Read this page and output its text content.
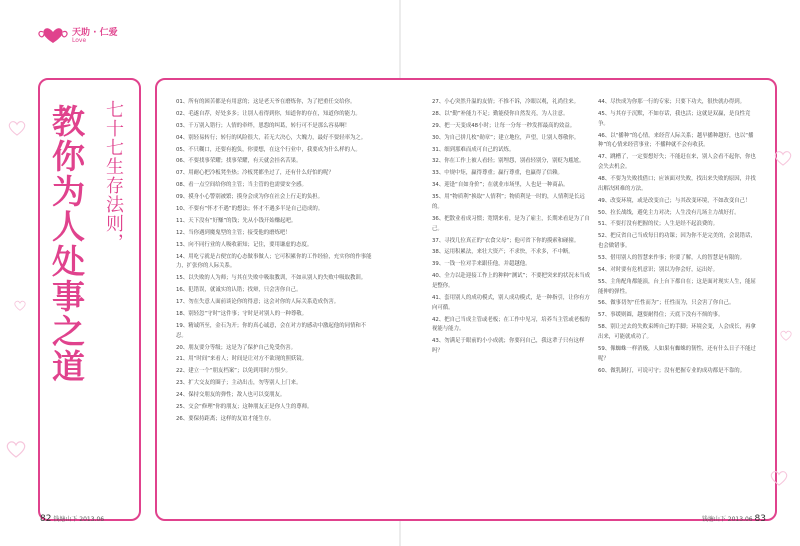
天助 · 仁爱
Love
教你为人处事之道 七十七生存法则，	01、所有的困苦都是有用意的；这是老天爷在磨炼你，为了把重任交给你。
02、毛遂自荐，好处多多；让别人看得到你，知道你的存在，知道你的能力。
03、千万别入错行；人情的牵绊，恩怨的纠葛，转行可不是那么容易啊！
04、别轻易转行；转行的风险很大，若无大决心，大魄力，最好不要轻率为之。
05、不只糊口，还要有抱负，你要想，在这个行业中，我要成为什么样的人。
06、不要找事荣耀；找事荣耀，有天就会挂名苦果。
07、用耐心把冷板凳坐热；冷板凳都坐过了，还有什么好怕的呢？
08、看一点空间给你的主管；当主管的也需要安全感。
09、摸身小心警别被繁；摸身会成为你在社会上行走的负担。
10、不要有“怀才不遇”的想法；怀才不遇多半是自己造成的。
11、天下没有“好赚”的钱；先从小钱开始赚起吧。
12、当你遇到魔鬼型的主管；接受他的磨炼吧！
13、向不同行业的人吸收新知；记住，要用谦虚的态度。
14、用吃亏就是占便宜的心态做事做人；它可积累你的工作经验，充实你的作事能力，扩张你的人际关系。
15、以失败的人为师；与其在失败中吸取教训，不如从别人的失败中吸取教训。
16、犯错误，就诚实的认错；找辩，只会害你自己。
17、勿在失意人面前谈论你的得意；这会对你的人际关系造成伤害。
18、别轻忽“守时”这件事；守时是对别人的一种尊敬。
19、精诚所至，金石为开；你的真心诚意，会在对方的感动中激起他的同情和不忍。
20、朋友要分等级；这是为了保护自己免受伤害。
21、用“时间”来看人；时间是让对方不欲现的照妖镜。
22、建立一个“朋友档案”；以免到用时方恨少。
23、扩大交友的圈子；主动出击，勿等别人上门来。
24、保持交朋友的弹性；敌人也可以变朋友。
25、交会“修理”你的朋友；这种朋友正是你人生的尊师。
26、要保持距离；这样的友谊才能生存。
27、小心突然升温的友情；不推不诉，冷眼以观，礼尚往来。
28、以“勤”补能力不足；勤能使你自然发亮，为人注意。
29、把一天变成48小时；让每一分每一秒发挥最高的效益。
30、为自己拼几枚“勋章”；建立地位，声望，让别人尊敬你。
31、细到那难而成可自己的试炼。
32、你在工作上被人看轻；别埋怨，别看轻别分，别贬为尴尬。
33、中规中矩，赢得尊重；赢行尊重，也赢得了信赖。
34、迎逢“自如身价”；在就业市场里，人也是一种商品。
35、用“物质利”换取“人情利”；物质利是一时的，人情利是长远的。
36、把散业看成习惯；宽期来看，是为了雇主，长期来看是为了自己。
37、寻找几位真正的“衣食父母”；他可省下你的摸索和碰撞。
38、运用积累法，来壮大资产；不求快，不求多，不中断。
39、一钱一位对手来跟佳他，并超越他。
40、全力以赴迎接工作上的种种“测试”；不要把突来的状况未当成是整你。
41、套用别人的成功模式，别人成功模式，是一种指引，让你有方向可循。
42、把自己当成主管或老板；在工作中见习，培养当主管或老板的视能与能力。
43、勿满足于眼前的小小成就；你要问自己，我这辈子只有这样吗？
44、尽快成为你那一行的专家；只要下功夫，很快就办得到。
45、与其存于沉默，不如存话，我也活；这就是双赢，是良性竞争。
46、以“播种”的心情，来经营人际关系；越早播种越好，也以“播种”的心情来经营事业；不播种就不会有收获。
47、跳槽了，一定要想好失；不能赶在来，别人会看不起你，你也会失去机会。
48、不要为失败找借口；应该面对失败，找出来失败的原因，并找出解决困难的方法。
49、改变环境，或是改变自己；与其改变环境，不如改变自己！
50、拉长战线，避免主力对决；人生没有几场主力战好打。
51、不要打没有把握的仗；人生是经不起浪费的。
52、把反省自己当成每日的功课；因为你不是完美的，会说错话，也会做错事。
53、借用别人的智慧来作事；你要了解，人的智慧是有限的。
54、对时要有危机意识；别以为你会好，运出好。
55、主角配角都能演，台上台下都自在；这是面对现实人生，能屈能伸的弹性。
56、做事切勿“任性而为”；任性而为，只会害了你自己。
57、事缓则圆，越要耐得住；天底下没有不烦的事。
58、别让过去的失败束缚自己的手脚；环境会变，人会成长，再拿出来，可能就成功了。
59、像蜘蛛一样消极，人如果有蜘蛛的韧性，还有什么日子不能过呢？
60、做乳制打，可说可守；没有把握专业的成功都是不靠的。
82 钱塘山下 2013.06	钱塘山下 2013.06 83
